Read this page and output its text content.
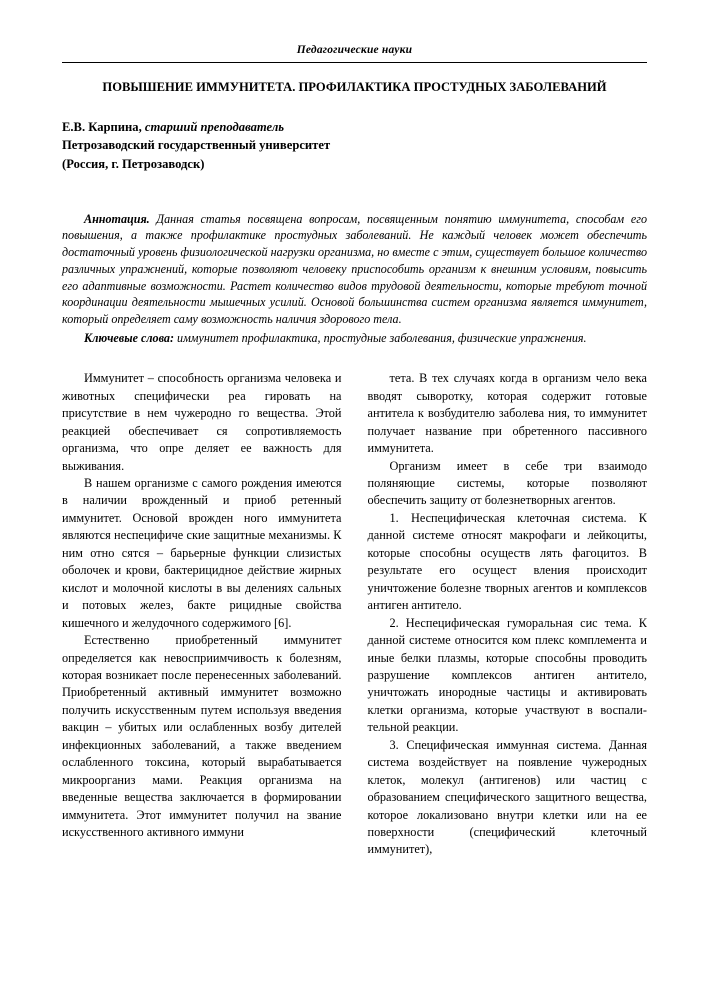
Педагогические науки
ПОВЫШЕНИЕ ИММУНИТЕТА. ПРОФИЛАКТИКА ПРОСТУДНЫХ ЗАБОЛЕВАНИЙ
Е.В. Карпина, старший преподаватель
Петрозаводский государственный университет
(Россия, г. Петрозаводск)

Аннотация. Данная статья посвящена вопросам, посвященным понятию иммунитета, способам его повышения, а также профилактике простудных заболеваний. Не каждый человек может обеспечить достаточный уровень физиологической нагрузки организма, но вместе с этим, существует большое количество различных упражнений, которые позволяют человеку приспособить организм к внешним условиям, повысить его адаптивные возможности. Растет количество видов трудовой деятельности, которые требуют точной координации деятельности мышечных усилий. Основой большинства систем организма является иммунитет, который определяет саму возможность наличия здорового тела.

Ключевые слова: иммунитет профилактика, простудные заболевания, физические упражнения.

Иммунитет – способность организма человека и животных специфически реа гировать на присутствие в нем чужеродно го вещества. Этой реакцией обеспечивает ся сопротивляемость организма, что опре деляет ее важность для выживания.

В нашем организме с самого рождения имеются в наличии врожденный и приоб ретенный иммунитет. Основой врожден ного иммунитета являются неспецифиче ские защитные механизмы. К ним отно сятся – барьерные функции слизистых оболочек и крови, бактерицидное действие жирных кислот и молочной кислоты в вы делениях сальных и потовых желез, бакте рицидные свойства кишечного и желудочного содержимого [6].

Естественно приобретенный иммунитет определяется как невосприимчивость к болезням, которая возникает после перенесенных заболеваний. Приобретенный активный иммунитет возможно получить искусственным путем используя введения вакцин – убитых или ослабленных возбу дителей инфекционных заболеваний, а также введением ослабленного токсина, который вырабатывается микроорганиз мами. Реакция организма на введенные вещества заключается в формировании иммунитета. Этот иммунитет получил на звание искусственного активного иммуни

тета. В тех случаях когда в организм чело века вводят сыворотку, которая содержит готовые антитела к возбудителю заболева ния, то иммунитет получает название при обретенного пассивного иммунитета.

Организм имеет в себе три взаимодо поляняющие системы, которые позволяют обеспечить защиту от болезнетворных агентов.

1. Неспецифическая клеточная система. К данной системе относят макрофаги и лейкоциты, которые способны осуществ лять фагоцитоз. В результате его осущест вления происходит уничтожение болезне творных агентов и комплексов антиген антитело.

2. Неспецифическая гуморальная сис тема. К данной системе относится ком плекс комплемента и иные белки плазмы, которые способны проводить разрушение комплексов антиген антитело, уничтожать инородные частицы и активировать клетки организма, которые участвуют в воспалительной реакции.

3. Специфическая иммунная система. Данная система воздействует на появление чужеродных клеток, молекул (антигенов) или частиц с образованием специфического защитного вещества, которое локализовано внутри клетки или на ее поверхности (специфический клеточный иммунитет),
